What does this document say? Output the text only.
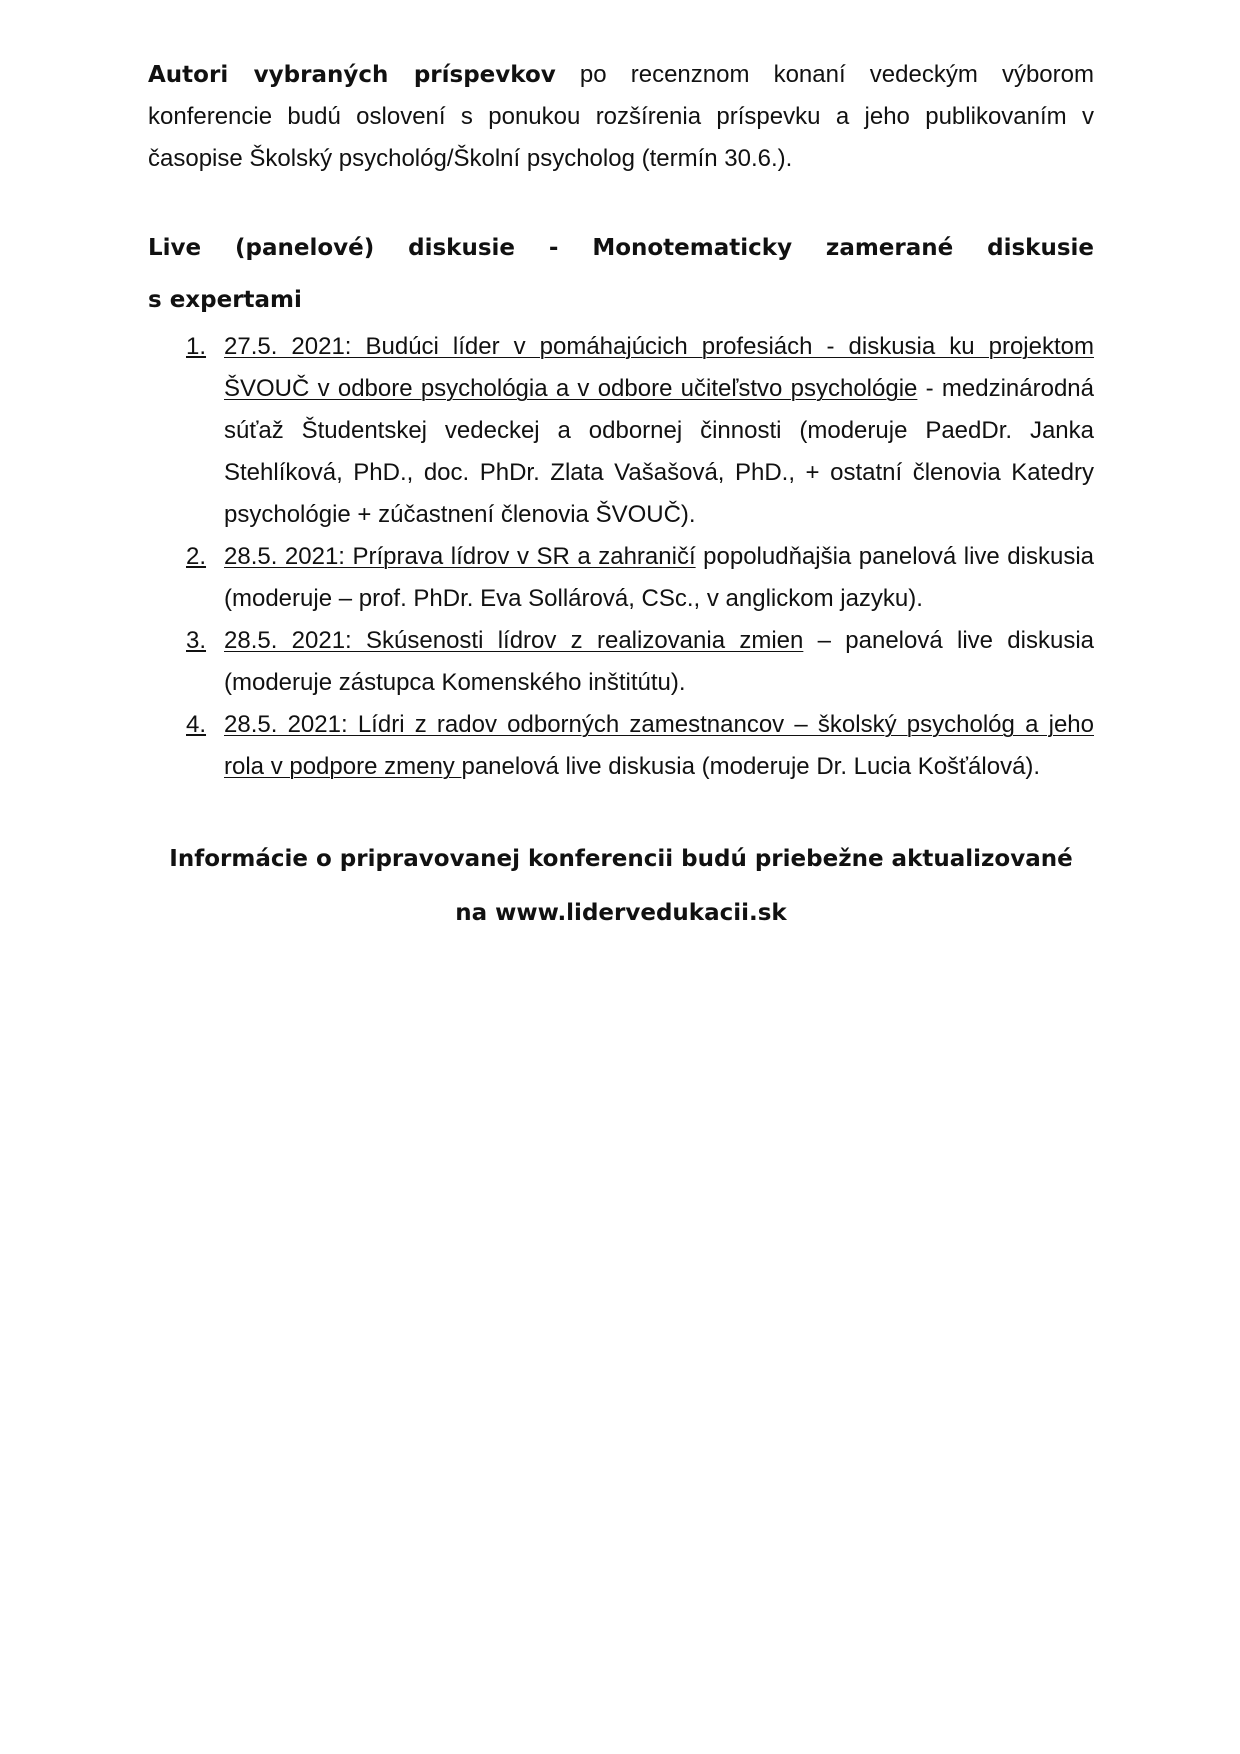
Autori vybraných príspevkov po recenznom konaní vedeckým výborom konferencie budú oslovení s ponukou rozšírenia príspevku a jeho publikovaním v časopise Školský psychológ/Školní psycholog (termín 30.6.).

Live (panelové) diskusie - Monotematicky zamerané diskusie
s expertami
1. 27.5. 2021: Budúci líder v pomáhajúcich profesiách - diskusia ku projektom ŠVOUČ v odbore psychológia a v odbore učiteľstvo psychológie - medzinárodná súťaž Študentskej vedeckej a odbornej činnosti (moderuje PaedDr. Janka Stehlíková, PhD., doc. PhDr. Zlata Vašašová, PhD., + ostatní členovia Katedry psychológie + zúčastnení členovia ŠVOUČ).
2. 28.5. 2021: Príprava lídrov v SR a zahraničí popoludňajšia panelová live diskusia (moderuje – prof. PhDr. Eva Sollárová, CSc., v anglickom jazyku).
3. 28.5. 2021: Skúsenosti lídrov z realizovania zmien – panelová live diskusia (moderuje zástupca Komenského inštitútu).
4. 28.5. 2021: Lídri z radov odborných zamestnancov – školský psychológ a jeho rola v podpore zmeny panelová live diskusia (moderuje Dr. Lucia Košťálová).
Informácie o pripravovanej konferencii budú priebežne aktualizované
na www.lidervedukacii.sk
